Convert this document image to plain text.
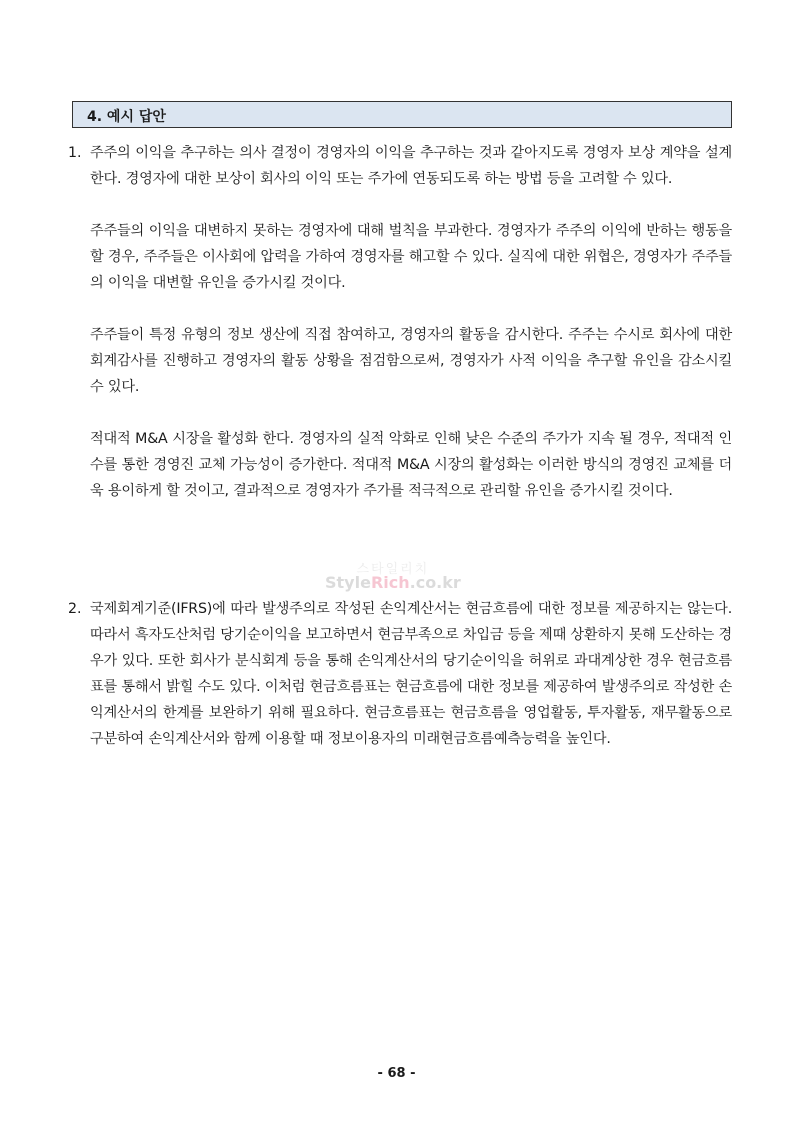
4. 예시 답안
1. 주주의 이익을 추구하는 의사 결정이 경영자의 이익을 추구하는 것과 같아지도록 경영자 보상 계약을 설계한다. 경영자에 대한 보상이 회사의 이익 또는 주가에 연동되도록 하는 방법 등을 고려할 수 있다.

주주들의 이익을 대변하지 못하는 경영자에 대해 벌칙을 부과한다. 경영자가 주주의 이익에 반하는 행동을 할 경우, 주주들은 이사회에 압력을 가하여 경영자를 해고할 수 있다. 실직에 대한 위협은, 경영자가 주주들의 이익을 대변할 유인을 증가시킬 것이다.

주주들이 특정 유형의 정보 생산에 직접 참여하고, 경영자의 활동을 감시한다. 주주는 수시로 회사에 대한 회계감사를 진행하고 경영자의 활동 상황을 점검함으로써, 경영자가 사적 이익을 추구할 유인을 감소시킬 수 있다.

적대적 M&A 시장을 활성화 한다. 경영자의 실적 악화로 인해 낮은 수준의 주가가 지속 될 경우, 적대적 인수를 통한 경영진 교체 가능성이 증가한다. 적대적 M&A 시장의 활성화는 이러한 방식의 경영진 교체를 더욱 용이하게 할 것이고, 결과적으로 경영자가 주가를 적극적으로 관리할 유인을 증가시킬 것이다.

2. 국제회계기준(IFRS)에 따라 발생주의로 작성된 손익계산서는 현금흐름에 대한 정보를 제공하지는 않는다. 따라서 흑자도산처럼 당기순이익을 보고하면서 현금부족으로 차입금 등을 제때 상환하지 못해 도산하는 경우가 있다. 또한 회사가 분식회계 등을 통해 손익계산서의 당기순이익을 허위로 과대계상한 경우 현금흐름표를 통해서 밝힐 수도 있다. 이처럼 현금흐름표는 현금흐름에 대한 정보를 제공하여 발생주의로 작성한 손익계산서의 한계를 보완하기 위해 필요하다. 현금흐름표는 현금흐름을 영업활동, 투자활동, 재무활동으로 구분하여 손익계산서와 함께 이용할 때 정보이용자의 미래현금흐름예측능력을 높인다.

스타일리치
StyleRich.co.kr
- 68 -
